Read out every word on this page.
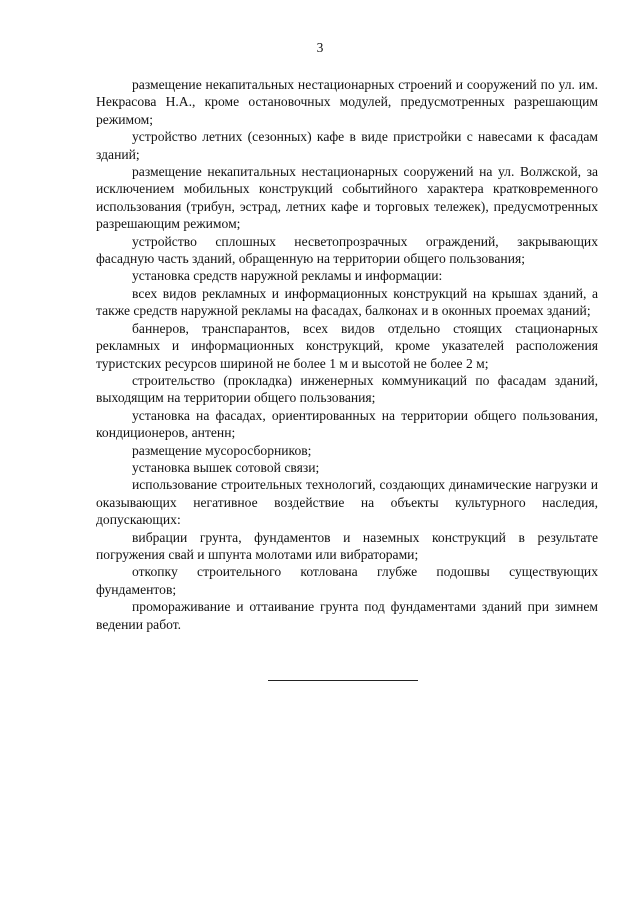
3

размещение некапитальных нестационарных строений и сооружений по ул. им. Некрасова Н.А., кроме остановочных модулей, предусмотренных разрешающим режимом;

устройство летних (сезонных) кафе в виде пристройки с навесами к фасадам зданий;

размещение некапитальных нестационарных сооружений на ул. Волжской, за исключением мобильных конструкций событийного характера кратковременного использования (трибун, эстрад, летних кафе и торговых тележек), предусмотренных разрешающим режимом;

устройство сплошных несветопрозрачных ограждений, закрывающих фасадную часть зданий, обращенную на территории общего пользования;

установка средств наружной рекламы и информации:

всех видов рекламных и информационных конструкций на крышах зданий, а также средств наружной рекламы на фасадах, балконах и в оконных проемах зданий;

баннеров, транспарантов, всех видов отдельно стоящих стационарных рекламных и информационных конструкций, кроме указателей расположения туристских ресурсов шириной не более 1 м и высотой не более 2 м;

строительство (прокладка) инженерных коммуникаций по фасадам зданий, выходящим на территории общего пользования;

установка на фасадах, ориентированных на территории общего пользования, кондиционеров, антенн;

размещение мусоросборников;

установка вышек сотовой связи;

использование строительных технологий, создающих динамические нагрузки и оказывающих негативное воздействие на объекты культурного наследия, допускающих:

вибрации грунта, фундаментов и наземных конструкций в результате погружения свай и шпунта молотами или вибраторами;

откопку строительного котлована глубже подошвы существующих фундаментов;

промораживание и оттаивание грунта под фундаментами зданий при зимнем ведении работ.
